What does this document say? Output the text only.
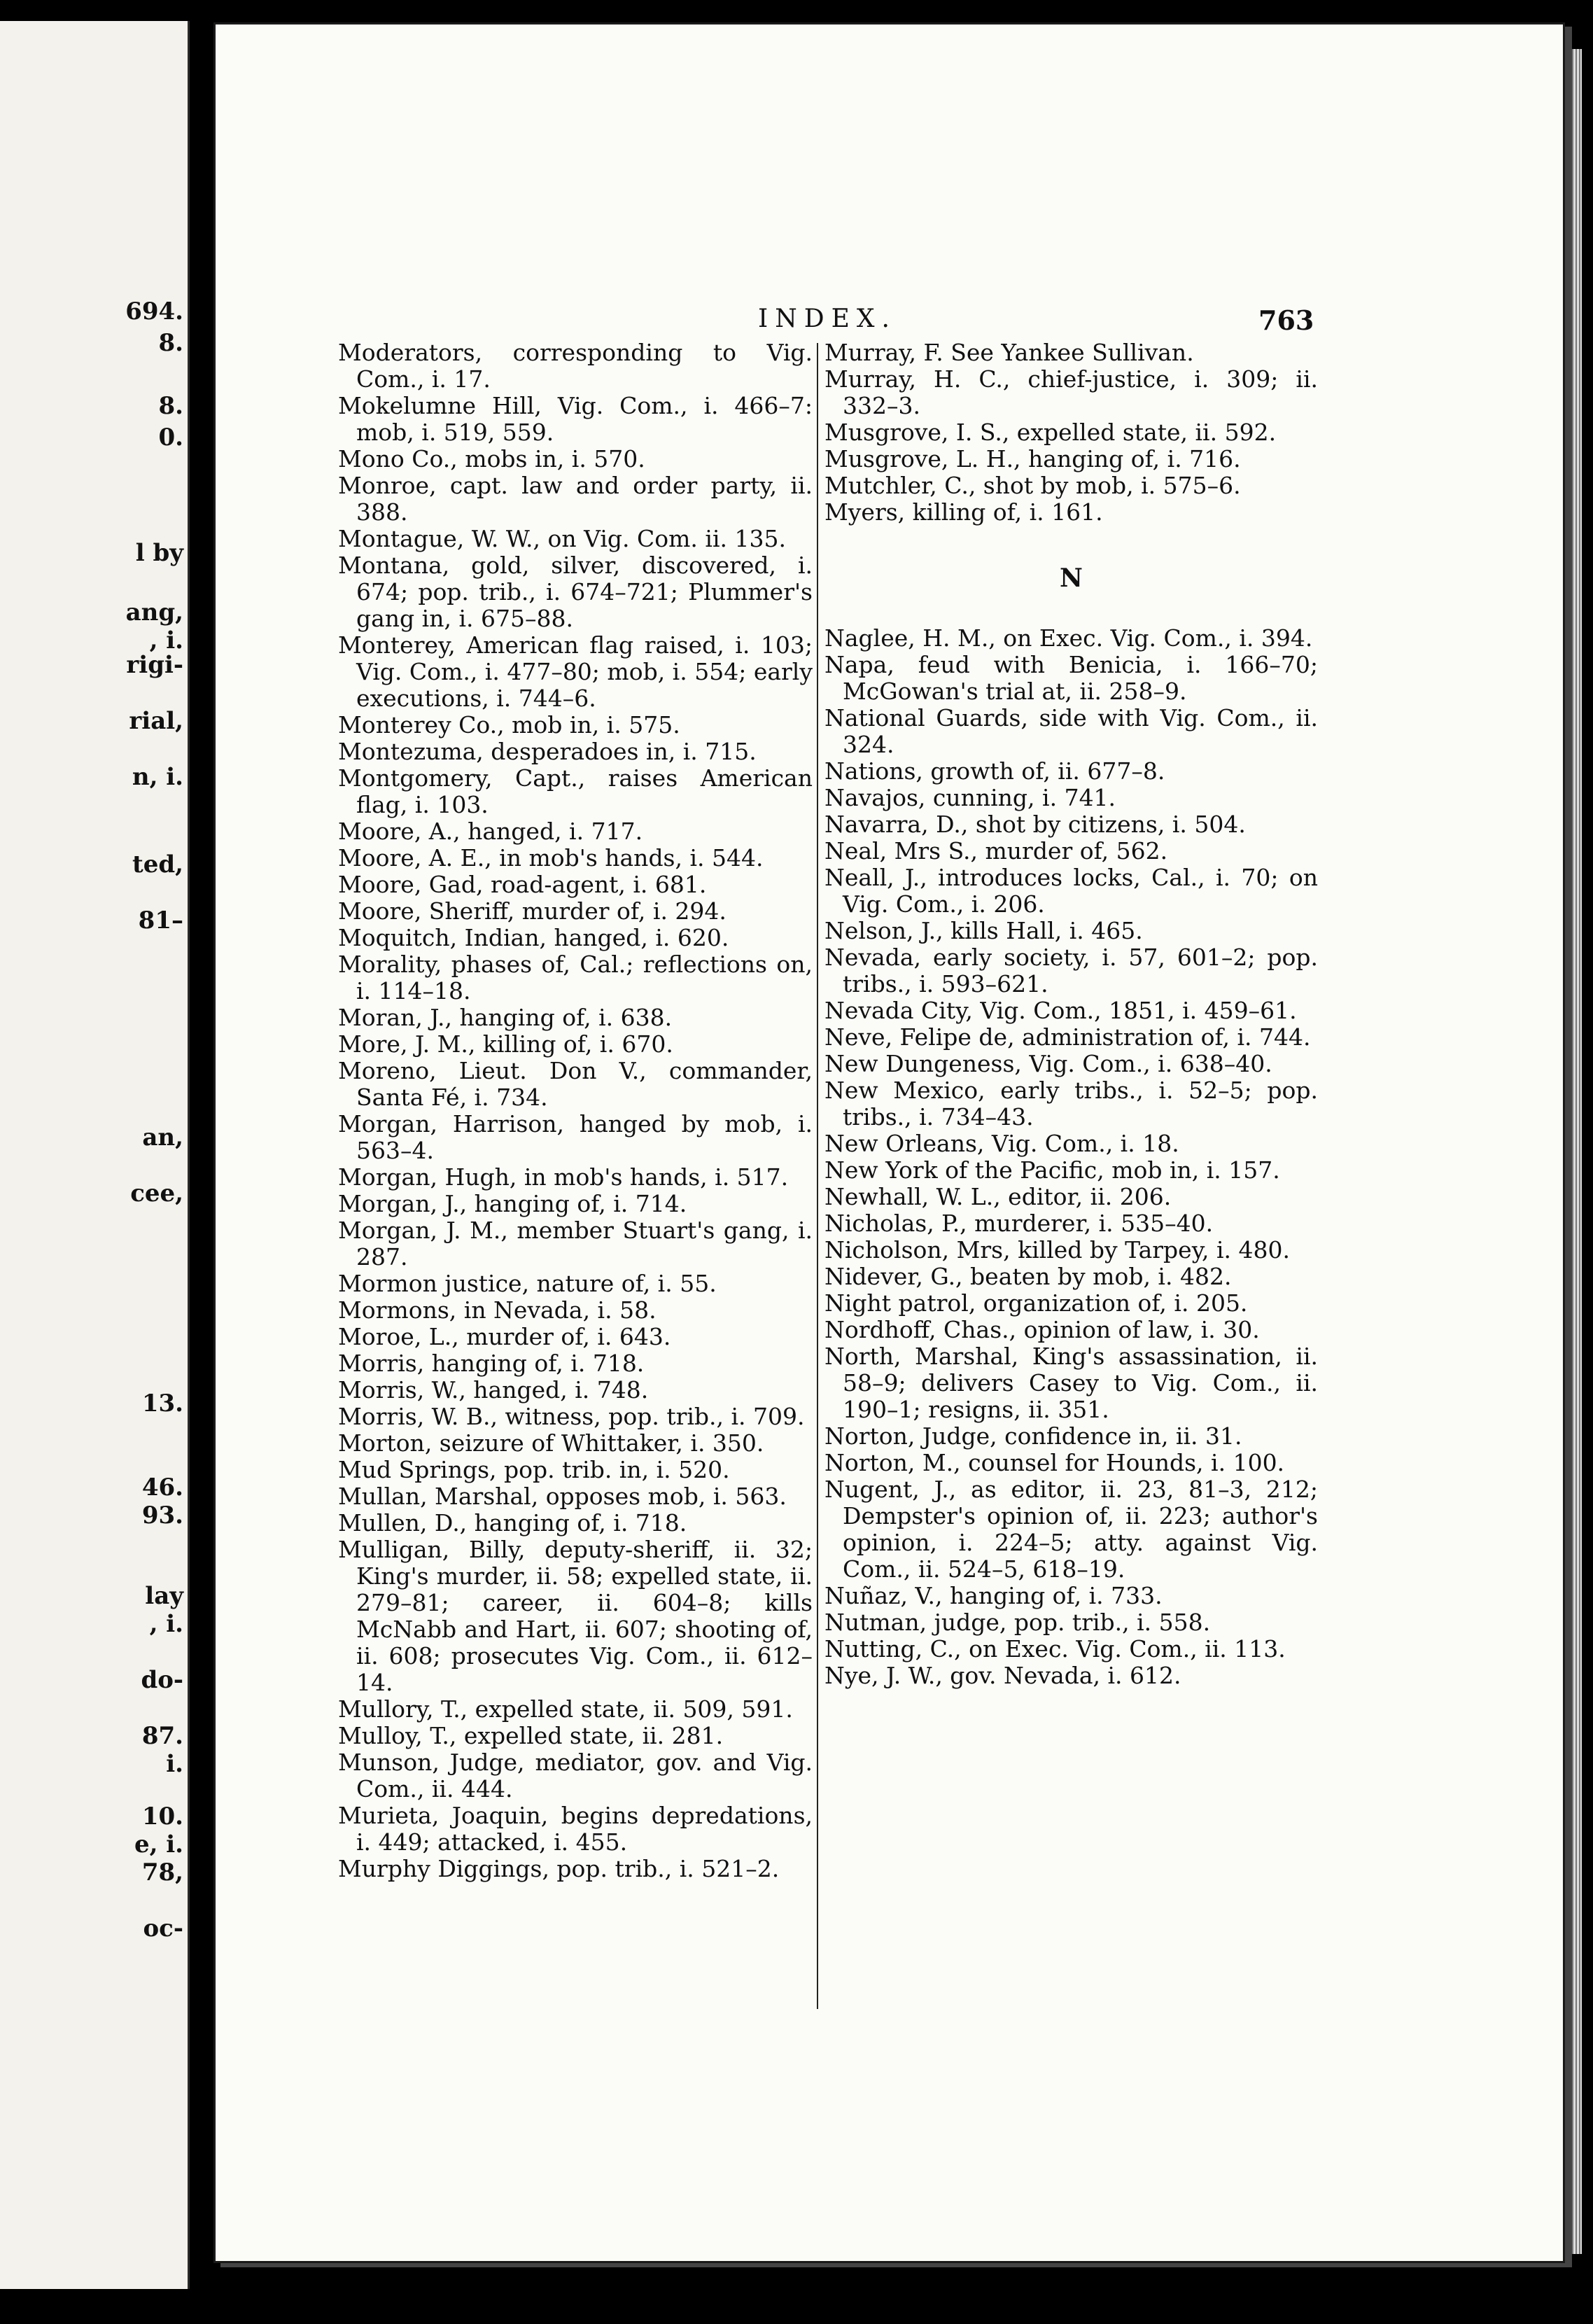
694.
8.
8.
0.
l by
ang,
, i.
rigi-
rial,
n, i.
ted,
81–
an,
cee,
13.
46.
93.
lay
, i.
do-
87.
i.
10.
e, i.
78,
oc-
INDEX.	763

Moderators, corresponding to Vig. Com., i. 17.

Mokelumne Hill, Vig. Com., i. 466–7: mob, i. 519, 559.

Mono Co., mobs in, i. 570.

Monroe, capt. law and order party, ii. 388.

Montague, W. W., on Vig. Com. ii. 135.

Montana, gold, silver, discovered, i. 674; pop. trib., i. 674–721; Plummer's gang in, i. 675–88.

Monterey, American flag raised, i. 103; Vig. Com., i. 477–80; mob, i. 554; early executions, i. 744–6.

Monterey Co., mob in, i. 575.

Montezuma, desperadoes in, i. 715.

Montgomery, Capt., raises American flag, i. 103.

Moore, A., hanged, i. 717.

Moore, A. E., in mob's hands, i. 544.

Moore, Gad, road-agent, i. 681.

Moore, Sheriff, murder of, i. 294.

Moquitch, Indian, hanged, i. 620.

Morality, phases of, Cal.; reflections on, i. 114–18.

Moran, J., hanging of, i. 638.

More, J. M., killing of, i. 670.

Moreno, Lieut. Don V., commander, Santa Fé, i. 734.

Morgan, Harrison, hanged by mob, i. 563–4.

Morgan, Hugh, in mob's hands, i. 517.

Morgan, J., hanging of, i. 714.

Morgan, J. M., member Stuart's gang, i. 287.

Mormon justice, nature of, i. 55.

Mormons, in Nevada, i. 58.

Moroe, L., murder of, i. 643.

Morris, hanging of, i. 718.

Morris, W., hanged, i. 748.

Morris, W. B., witness, pop. trib., i. 709.

Morton, seizure of Whittaker, i. 350.

Mud Springs, pop. trib. in, i. 520.

Mullan, Marshal, opposes mob, i. 563.

Mullen, D., hanging of, i. 718.

Mulligan, Billy, deputy-sheriff, ii. 32; King's murder, ii. 58; expelled state, ii. 279–81; career, ii. 604–8; kills McNabb and Hart, ii. 607; shooting of, ii. 608; prosecutes Vig. Com., ii. 612–14.

Mullory, T., expelled state, ii. 509, 591.

Mulloy, T., expelled state, ii. 281.

Munson, Judge, mediator, gov. and Vig. Com., ii. 444.

Murieta, Joaquin, begins depredations, i. 449; attacked, i. 455.

Murphy Diggings, pop. trib., i. 521–2.

Murray, F. See Yankee Sullivan.

Murray, H. C., chief-justice, i. 309; ii. 332–3.

Musgrove, I. S., expelled state, ii. 592.

Musgrove, L. H., hanging of, i. 716.

Mutchler, C., shot by mob, i. 575–6.

Myers, killing of, i. 161.

N

Naglee, H. M., on Exec. Vig. Com., i. 394.

Napa, feud with Benicia, i. 166–70; McGowan's trial at, ii. 258–9.

National Guards, side with Vig. Com., ii. 324.

Nations, growth of, ii. 677–8.

Navajos, cunning, i. 741.

Navarra, D., shot by citizens, i. 504.

Neal, Mrs S., murder of, 562.

Neall, J., introduces locks, Cal., i. 70; on Vig. Com., i. 206.

Nelson, J., kills Hall, i. 465.

Nevada, early society, i. 57, 601–2; pop. tribs., i. 593–621.

Nevada City, Vig. Com., 1851, i. 459–61.

Neve, Felipe de, administration of, i. 744.

New Dungeness, Vig. Com., i. 638–40.

New Mexico, early tribs., i. 52–5; pop. tribs., i. 734–43.

New Orleans, Vig. Com., i. 18.

New York of the Pacific, mob in, i. 157.

Newhall, W. L., editor, ii. 206.

Nicholas, P., murderer, i. 535–40.

Nicholson, Mrs, killed by Tarpey, i. 480.

Nidever, G., beaten by mob, i. 482.

Night patrol, organization of, i. 205.

Nordhoff, Chas., opinion of law, i. 30.

North, Marshal, King's assassination, ii. 58–9; delivers Casey to Vig. Com., ii. 190–1; resigns, ii. 351.

Norton, Judge, confidence in, ii. 31.

Norton, M., counsel for Hounds, i. 100.

Nugent, J., as editor, ii. 23, 81–3, 212; Dempster's opinion of, ii. 223; author's opinion, i. 224–5; atty. against Vig. Com., ii. 524–5, 618–19.

Nuñaz, V., hanging of, i. 733.

Nutman, judge, pop. trib., i. 558.

Nutting, C., on Exec. Vig. Com., ii. 113.

Nye, J. W., gov. Nevada, i. 612.
